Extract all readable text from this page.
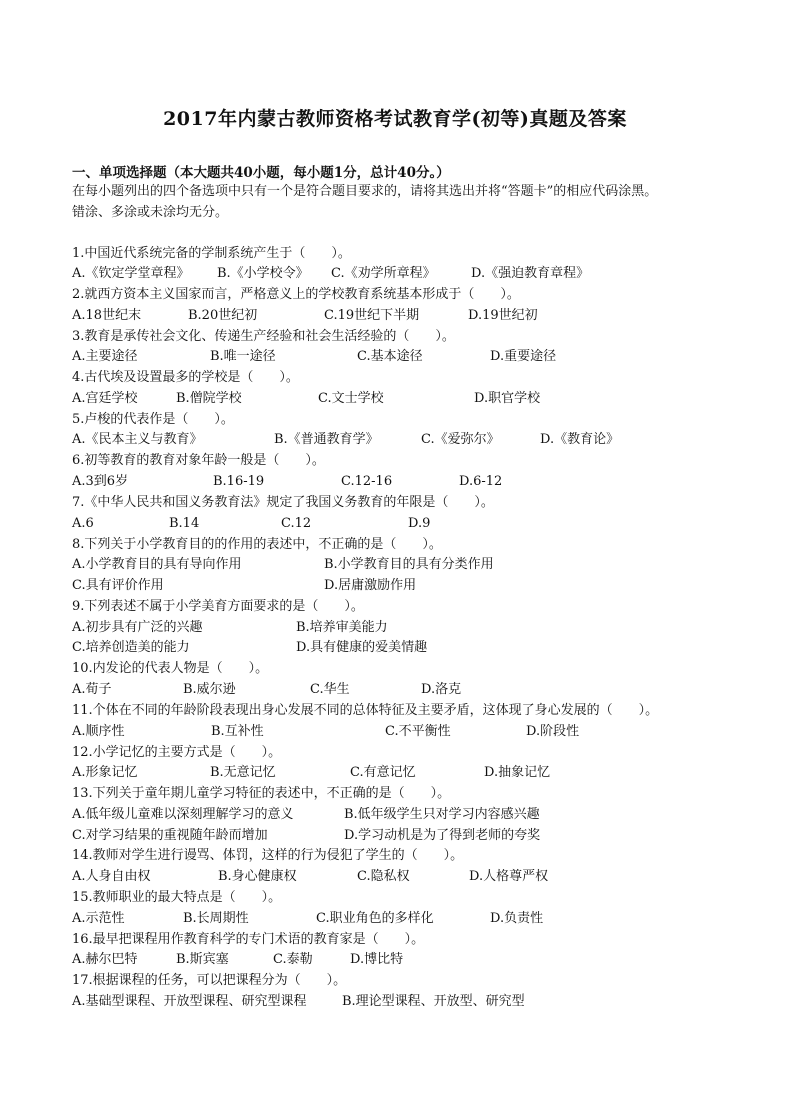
2017年内蒙古教师资格考试教育学(初等)真题及答案
一、单项选择题（本大题共40小题，每小题1分，总计40分。）
在每小题列出的四个备选项中只有一个是符合题目要求的，请将其选出并将“答题卡”的相应代码涂黑。
错涂、多涂或未涂均无分。
1.中国近代系统完备的学制系统产生于（　　）。
A.《钦定学堂章程》 B.《小学校令》 C.《劝学所章程》	D.《强迫教育章程》
2.就西方资本主义国家而言，严格意义上的学校教育系统基本形成于（　　）。
A.18世纪末	B.20世纪初	C.19世纪下半期	D.19世纪初
3.教育是承传社会文化、传递生产经验和社会生活经验的（　　）。
A.主要途径	B.唯一途径	C.基本途径	D.重要途径
4.古代埃及设置最多的学校是（　　）。
A.宫廷学校	B.僧院学校	C.文士学校	D.职官学校
5.卢梭的代表作是（　　）。
A.《民本主义与教育》	B.《普通教育学》	C.《爱弥尔》	D.《教育论》
6.初等教育的教育对象年龄一般是（　　）。
A.3到6岁	B.16-19	C.12-16	D.6-12
7.《中华人民共和国义务教育法》规定了我国义务教育的年限是（　　）。
A.6	B.14	C.12	D.9
8.下列关于小学教育目的的作用的表述中，不正确的是（　　）。
A.小学教育目的具有导向作用	B.小学教育目的具有分类作用
C.具有评价作用	D.居庸激励作用
9.下列表述不属于小学美育方面要求的是（　　）。
A.初步具有广泛的兴趣	B.培养审美能力
C.培养创造美的能力	D.具有健康的爱美情趣
10.内发论的代表人物是（　　）。
A.荀子	B.威尔逊	C.华生	D.洛克
11.个体在不同的年龄阶段表现出身心发展不同的总体特征及主要矛盾，这体现了身心发展的（　　）。
A.顺序性	B.互补性	C.不平衡性	D.阶段性
12.小学记忆的主要方式是（　　）。
A.形象记忆	B.无意记忆	C.有意记忆	D.抽象记忆
13.下列关于童年期儿童学习特征的表述中，不正确的是（　　）。
A.低年级儿童难以深刻理解学习的意义	B.低年级学生只对学习内容感兴趣
C.对学习结果的重视随年龄而增加	D.学习动机是为了得到老师的夸奖
14.教师对学生进行谩骂、体罚，这样的行为侵犯了学生的（　　）。
A.人身自由权	B.身心健康权	C.隐私权	D.人格尊严权
15.教师职业的最大特点是（　　）。
A.示范性	B.长周期性	C.职业角色的多样化	D.负责性
16.最早把课程用作教育科学的专门术语的教育家是（　　）。
A.赫尔巴特	B.斯宾塞	C.泰勒	D.博比特
17.根据课程的任务，可以把课程分为（　　）。
A.基础型课程、开放型课程、研究型课程	B.理论型课程、开放型、研究型
